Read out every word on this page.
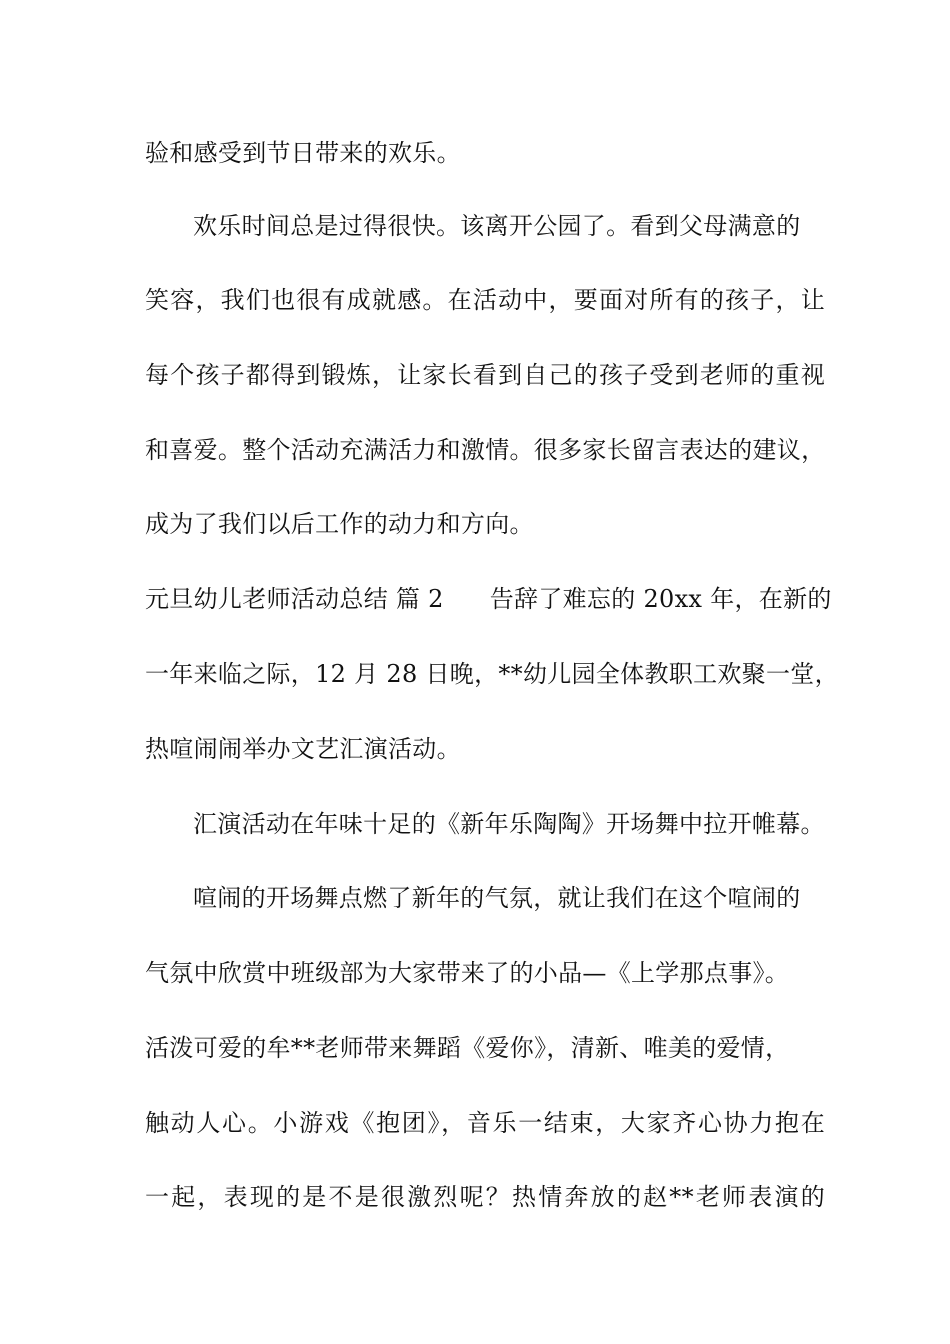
验和感受到节日带来的欢乐。
欢乐时间总是过得很快。该离开公园了。看到父母满意的
笑容，我们也很有成就感。在活动中，要面对所有的孩子，让
每个孩子都得到锻炼，让家长看到自己的孩子受到老师的重视
和喜爱。整个活动充满活力和激情。很多家长留言表达的建议，
成为了我们以后工作的动力和方向。
元旦幼儿老师活动总结 篇 2 告辞了难忘的 20xx 年，在新的
一年来临之际，12 月 28 日晚，**幼儿园全体教职工欢聚一堂，
热喧闹闹举办文艺汇演活动。
汇演活动在年味十足的《新年乐陶陶》开场舞中拉开帷幕。
喧闹的开场舞点燃了新年的气氛，就让我们在这个喧闹的
气氛中欣赏中班级部为大家带来了的小品—《上学那点事》。
活泼可爱的牟**老师带来舞蹈《爱你》，清新、唯美的爱情，
触动人心。小游戏《抱团》，音乐一结束，大家齐心协力抱在
一起，表现的是不是很激烈呢？热情奔放的赵**老师表演的
